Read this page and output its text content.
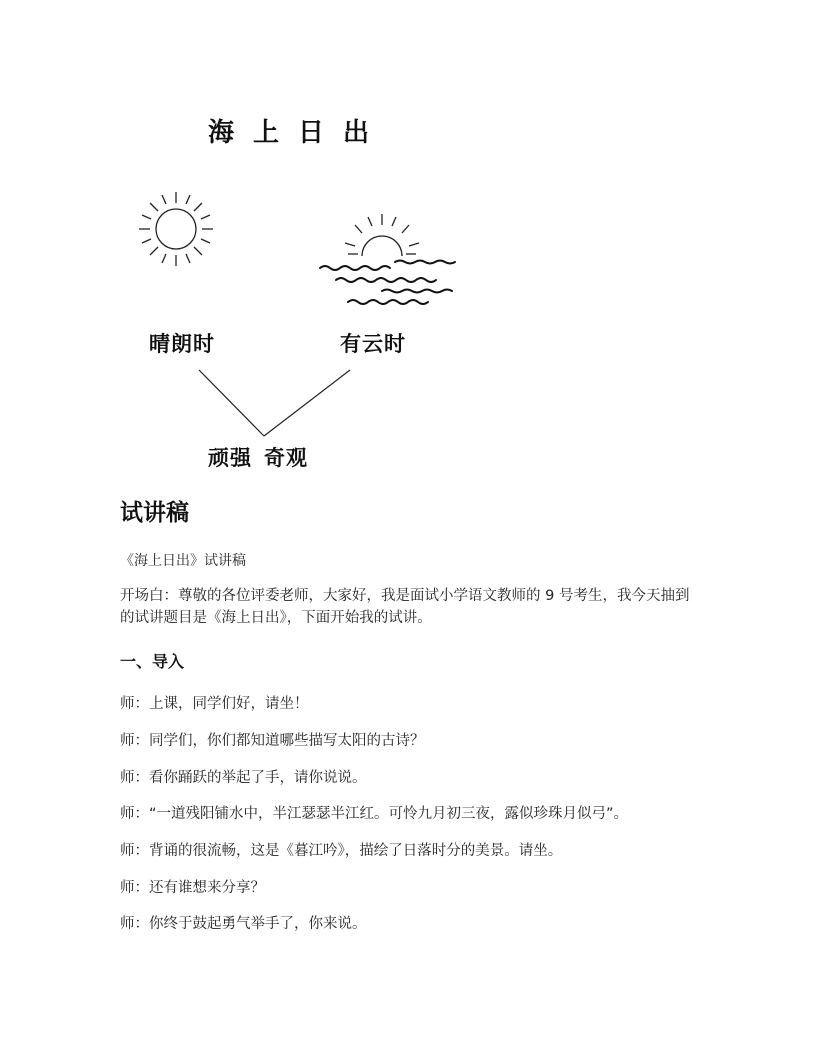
海上日出
晴朗时	有云时
顽强 奇观
试讲稿
《海上日出》试讲稿
开场白：尊敬的各位评委老师，大家好，我是面试小学语文教师的 9 号考生，我今天抽到的试讲题目是《海上日出》，下面开始我的试讲。
一、导入
师：上课，同学们好，请坐！
师：同学们，你们都知道哪些描写太阳的古诗？
师：看你踊跃的举起了手，请你说说。
师：“一道残阳铺水中，半江瑟瑟半江红。可怜九月初三夜，露似珍珠月似弓”。
师：背诵的很流畅，这是《暮江吟》，描绘了日落时分的美景。请坐。
师：还有谁想来分享？
师：你终于鼓起勇气举手了，你来说。
